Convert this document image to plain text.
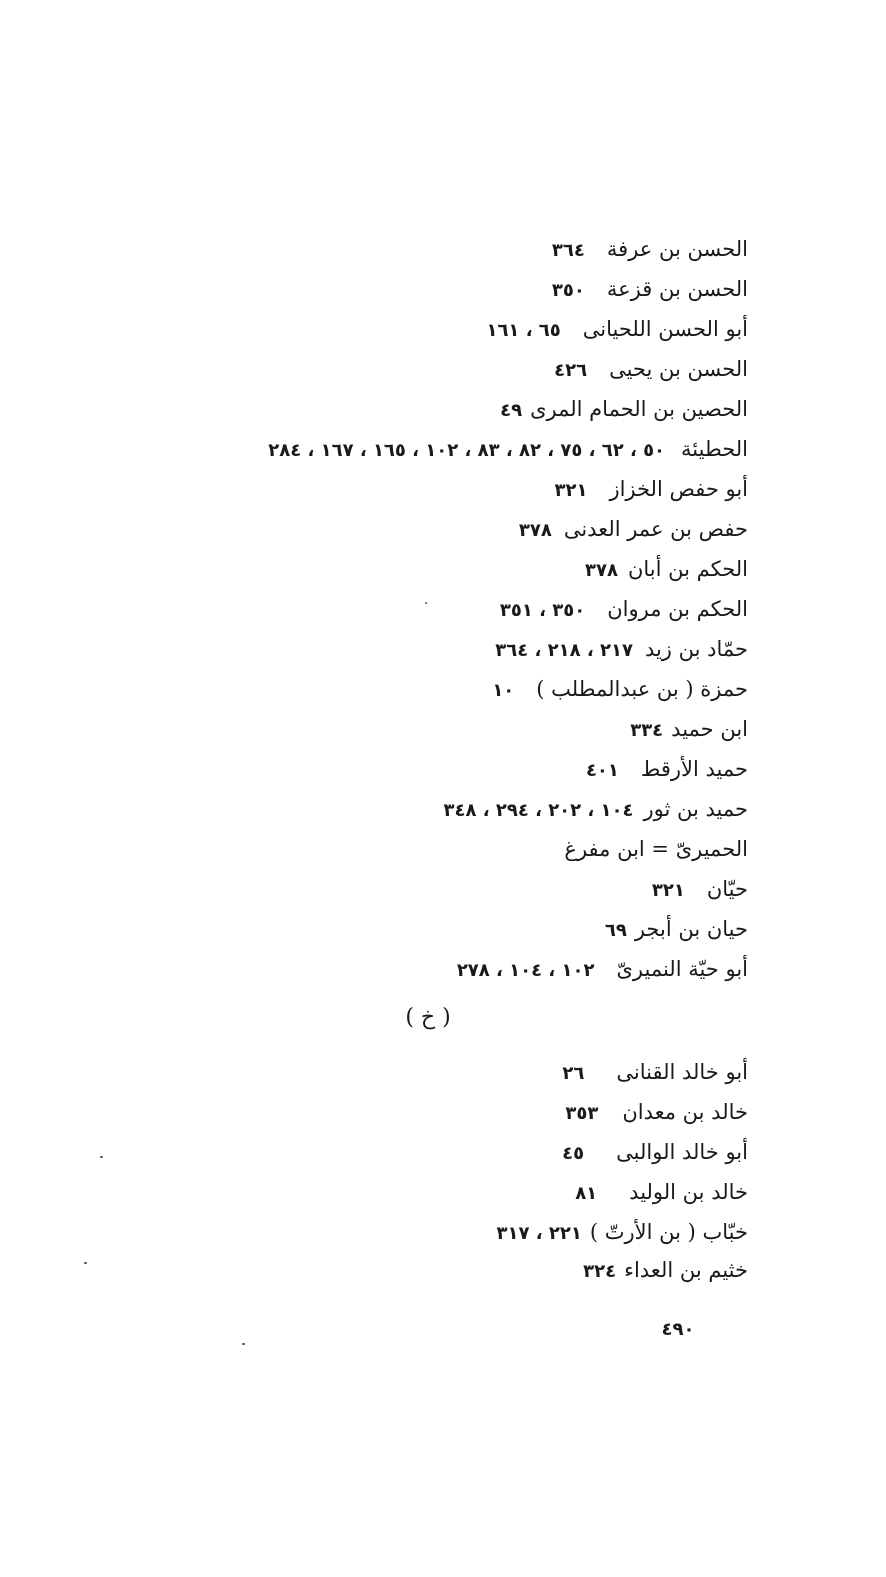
الحسن بن عرفة٣٦٤
الحسن بن قزعة٣٥٠
أبو الحسن اللحيانى٦٥ ، ١٦١
الحسن بن يحيى٤٢٦
الحصين بن الحمام المرى٤٩
الحطيئة٥٠ ، ٦٢ ، ٧٥ ، ٨٢ ، ٨٣ ، ١٠٢ ، ١٦٥ ، ١٦٧ ، ٢٨٤
أبو حفص الخزاز٣٢١
حفص بن عمر العدنى٣٧٨
الحكم بن أبان٣٧٨
الحكم بن مروان٣٥٠ ، ٣٥١
حمّاد بن زيد٢١٧ ، ٢١٨ ، ٣٦٤
حمزة ( بن عبدالمطلب )١٠
ابن حميد٣٣٤
حميد الأرقط٤٠١
حميد بن ثور١٠٤ ، ٢٠٢ ، ٢٩٤ ، ٣٤٨
الحميرىّ = ابن مفرغ
حيّان٣٢١
حيان بن أبجر٦٩
أبو حيّة النميرىّ١٠٢ ، ١٠٤ ، ٢٧٨
( خ )
أبو خالد القنانى٢٦
خالد بن معدان٣٥٣
أبو خالد الوالبى٤٥
خالد بن الوليد٨١
خبّاب ( بن الأرتّ )٢٢١ ، ٣١٧
خثيم بن العداء٣٢٤
٤٩٠
